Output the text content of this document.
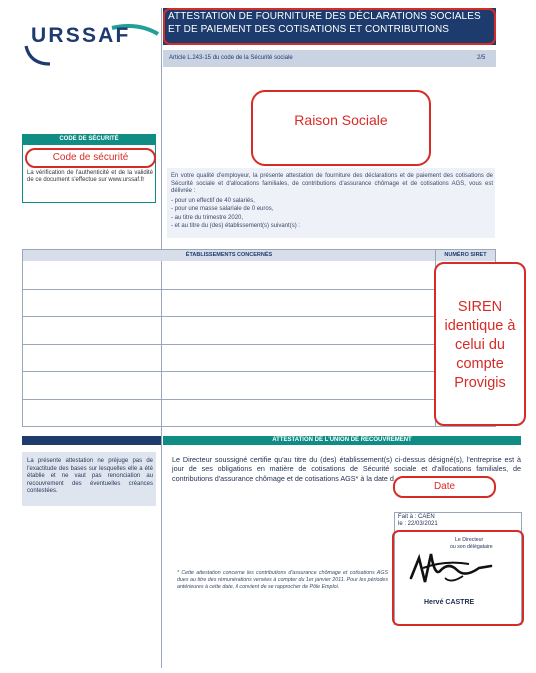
URSSAF
ATTESTATION DE FOURNITURE DES DÉCLARATIONS SOCIALES ET DE PAIEMENT DES COTISATIONS ET CONTRIBUTIONS
Article L.243-15 du code de la Sécurité sociale	2/5
Raison Sociale
CODE DE SÉCURITÉ
Code de sécurité
La vérification de l'authenticité et de la validité de ce document s'effectue sur www.urssaf.fr
En votre qualité d'employeur, la présente attestation de fourniture des déclarations et de paiement des cotisations de Sécurité sociale et d'allocations familiales, de contributions d'assurance chômage et de cotisations AGS, vous est délivrée :
- pour un effectif de 40 salariés,
- pour une masse salariale de 0 euros,
- au titre du trimestre 2020,
- et au titre du (des) établissement(s) suivant(s) :
ÉTABLISSEMENTS CONCERNÉS	NUMÉRO SIRET
SIREN identique à celui du compte Provigis
ATTESTATION DE L'UNION DE RECOUVREMENT
La présente attestation ne préjuge pas de l'exactitude des bases sur lesquelles elle a été établie et ne vaut pas renonciation au recouvrement des éventuelles créances contestées.
Le Directeur soussigné certifie qu'au titre du (des) établissement(s) ci-dessus désigné(s), l'entreprise est à jour de ses obligations en matière de cotisations de Sécurité sociale et d'allocations familiales, de contributions d'assurance chômage et de cotisations AGS* à la date d
Date
* Cette attestation concerne les contributions d'assurance chômage et cotisations AGS dues au titre des rémunérations versées à compter du 1er janvier 2011. Pour les périodes antérieures à cette date, il convient de se rapprocher de Pôle Emploi.
Fait à : CAEN
le : 22/03/2021
Le Directeur
ou son délégataire
Hervé CASTRE
